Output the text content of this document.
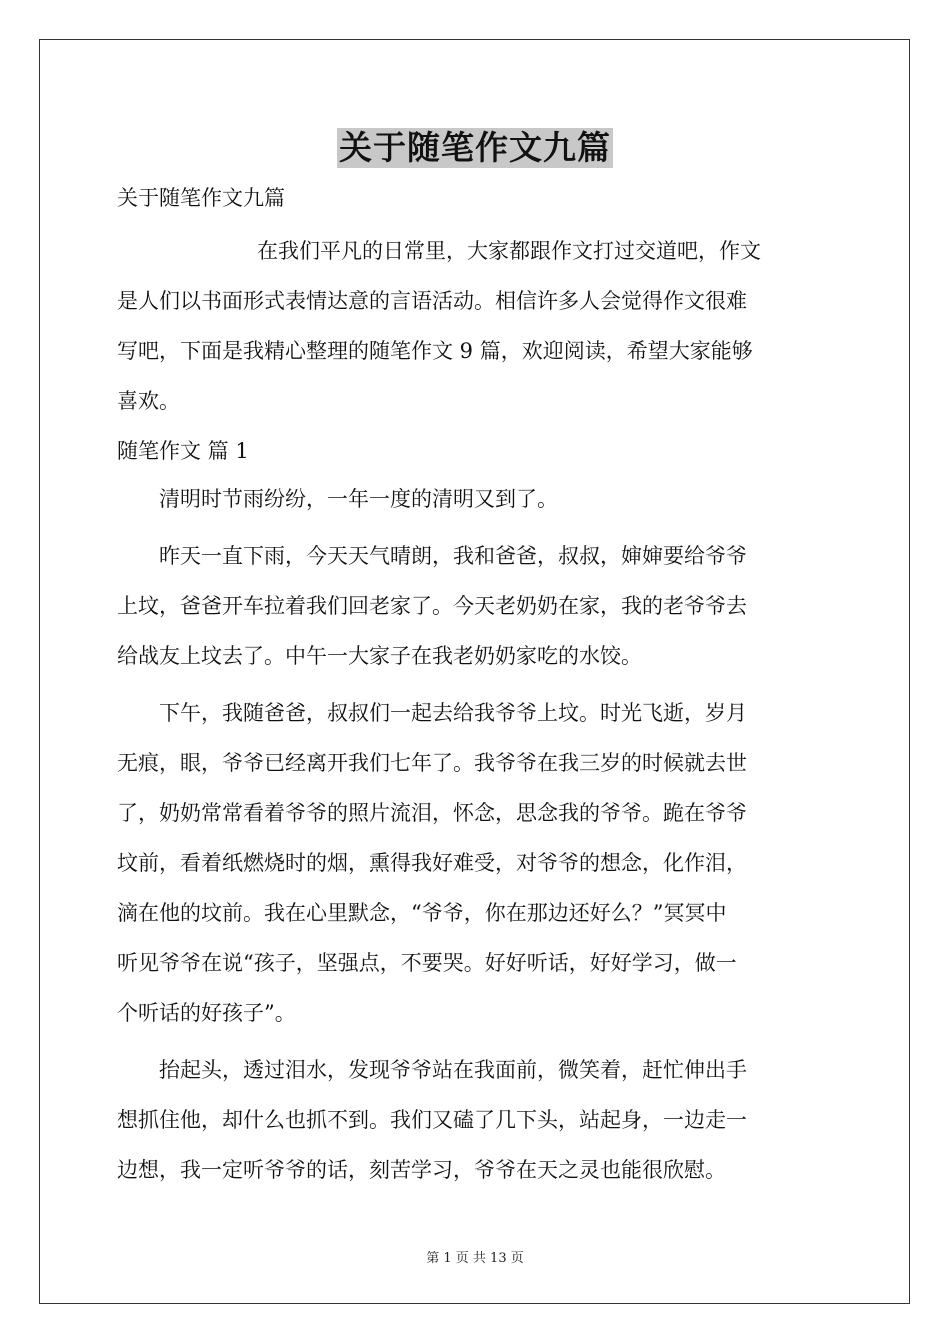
关于随笔作文九篇
关于随笔作文九篇
在我们平凡的日常里，大家都跟作文打过交道吧，作文
是人们以书面形式表情达意的言语活动。相信许多人会觉得作文很难
写吧，下面是我精心整理的随笔作文 9 篇，欢迎阅读，希望大家能够
喜欢。
随笔作文 篇 1
清明时节雨纷纷，一年一度的清明又到了。
昨天一直下雨，今天天气晴朗，我和爸爸，叔叔，婶婶要给爷爷
上坟，爸爸开车拉着我们回老家了。今天老奶奶在家，我的老爷爷去
给战友上坟去了。中午一大家子在我老奶奶家吃的水饺。
下午，我随爸爸，叔叔们一起去给我爷爷上坟。时光飞逝，岁月
无痕，眼，爷爷已经离开我们七年了。我爷爷在我三岁的时候就去世
了，奶奶常常看着爷爷的照片流泪，怀念，思念我的爷爷。跪在爷爷
坟前，看着纸燃烧时的烟，熏得我好难受，对爷爷的想念，化作泪，
滴在他的坟前。我在心里默念，“爷爷，你在那边还好么？”冥冥中
听见爷爷在说“孩子，坚强点，不要哭。好好听话，好好学习，做一
个听话的好孩子”。
抬起头，透过泪水，发现爷爷站在我面前，微笑着，赶忙伸出手
想抓住他，却什么也抓不到。我们又磕了几下头，站起身，一边走一
边想，我一定听爷爷的话，刻苦学习，爷爷在天之灵也能很欣慰。
第 1 页 共 13 页
